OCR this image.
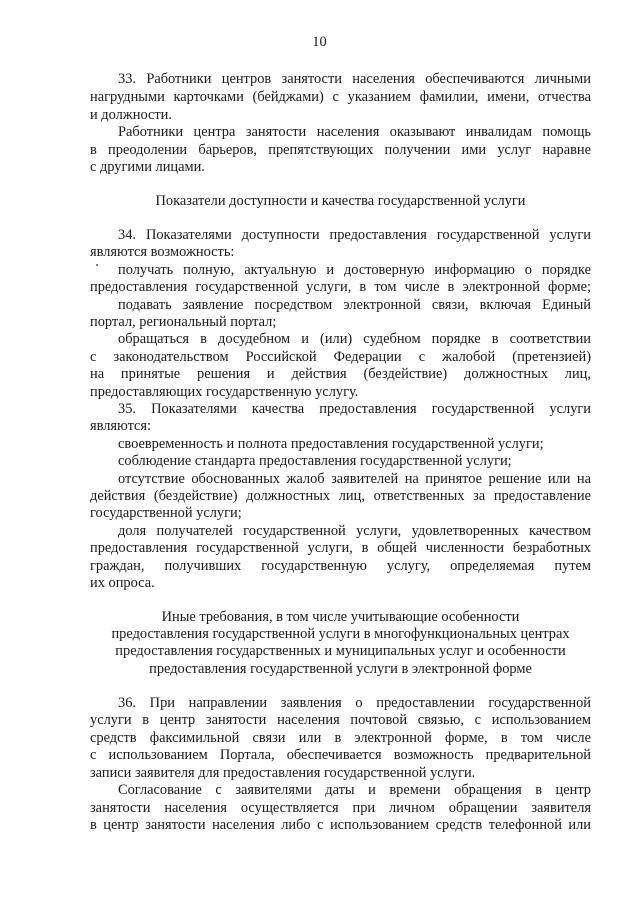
10
33. Работники центров занятости населения обеспечиваются личными
нагрудными карточками (бейджами) с указанием фамилии, имени, отчества
и должности.
Работники центра занятости населения оказывают инвалидам помощь
в преодолении барьеров, препятствующих получении ими услуг наравне
с другими лицами.
Показатели доступности и качества государственной услуги
34. Показателями доступности предоставления государственной услуги
являются возможность:
получать полную, актуальную и достоверную информацию о порядке
предоставления государственной услуги, в том числе в электронной форме;
подавать заявление посредством электронной связи, включая Единый
портал, региональный портал;
обращаться в досудебном и (или) судебном порядке в соответствии
с законодательством Российской Федерации с жалобой (претензией)
на принятые решения и действия (бездействие) должностных лиц,
предоставляющих государственную услугу.
35. Показателями качества предоставления государственной услуги
являются:
своевременность и полнота предоставления государственной услуги;
соблюдение стандарта предоставления государственной услуги;
отсутствие обоснованных жалоб заявителей на принятое решение или на
действия (бездействие) должностных лиц, ответственных за предоставление
государственной услуги;
доля получателей государственной услуги, удовлетворенных качеством
предоставления государственной услуги, в общей численности безработных
граждан, получивших государственную услугу, определяемая путем
их опроса.
Иные требования, в том числе учитывающие особенности
предоставления государственной услуги в многофункциональных центрах
предоставления государственных и муниципальных услуг и особенности
предоставления государственной услуги в электронной форме
36. При направлении заявления о предоставлении государственной
услуги в центр занятости населения почтовой связью, с использованием
средств факсимильной связи или в электронной форме, в том числе
с использованием Портала, обеспечивается возможность предварительной
записи заявителя для предоставления государственной услуги.
Согласование с заявителями даты и времени обращения в центр
занятости населения осуществляется при личном обращении заявителя
в центр занятости населения либо с использованием средств телефонной или
